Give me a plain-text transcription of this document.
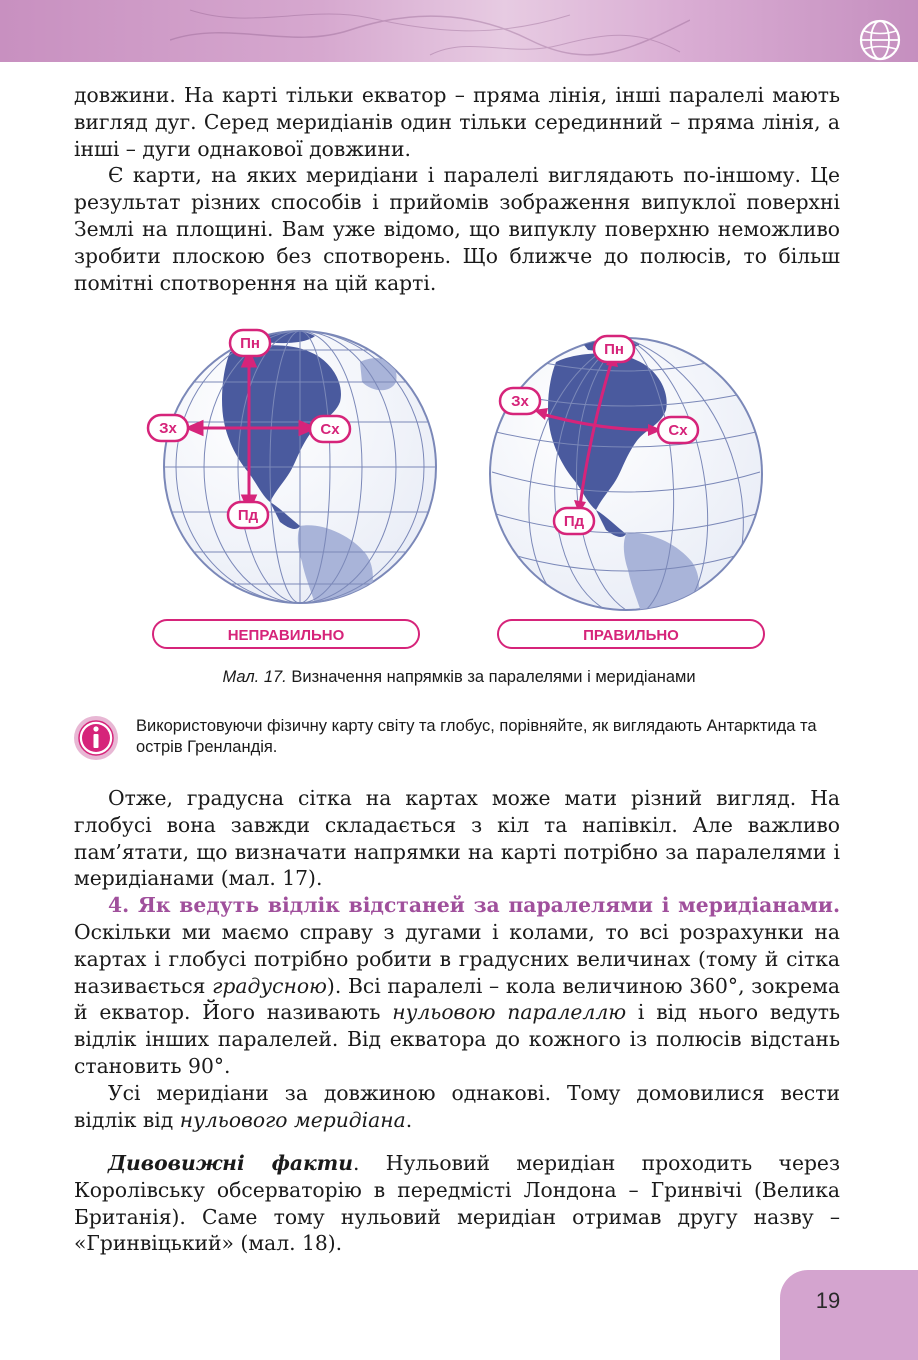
довжини. На карті тільки екватор – пряма лінія, інші паралелі мають вигляд дуг. Серед меридіанів один тільки серединний – пряма лінія, а інші – дуги однакової довжини.

Є карти, на яких меридіани і паралелі виглядають по-іншому. Це результат різних способів і прийомів зображення випуклої поверхні Землі на площині. Вам уже відомо, що випуклу поверхню неможливо зробити плоскою без спотворень. Що ближче до полюсів, то більш помітні спотворення на цій карті.

Пн
Пд
Зх	Сх
Пн
Пд
Зх
Сх
НЕПРАВИЛЬНО	ПРАВИЛЬНО
Мал. 17. Визначення напрямків за паралелями і меридіанами
Використовуючи фізичну карту світу та глобус, порівняйте, як виглядають Антарктида та острів Гренландія.

Отже, градусна сітка на картах може мати різний вигляд. На глобусі вона завжди складається з кіл та напівкіл. Але важливо пам’ятати, що визначати напрямки на карті потрібно за паралелями і меридіанами (мал. 17).

4. Як ведуть відлік відстаней за паралелями і меридіанами. Оскільки ми маємо справу з дугами і колами, то всі розрахунки на картах і глобусі потрібно робити в градусних величинах (тому й сітка називається градусною). Всі паралелі – кола величиною 360°, зокрема й екватор. Його називають нульовою паралеллю і від нього ведуть відлік інших паралелей. Від екватора до кожного із полюсів відстань становить 90°.

Усі меридіани за довжиною однакові. Тому домовилися вести відлік від нульового меридіана.

Дивовижні факти. Нульовий меридіан проходить через Королівську обсерваторію в передмісті Лондона – Гринвічі (Велика Британія). Саме тому нульовий меридіан отримав другу назву – «Гринвіцький» (мал. 18).

19
